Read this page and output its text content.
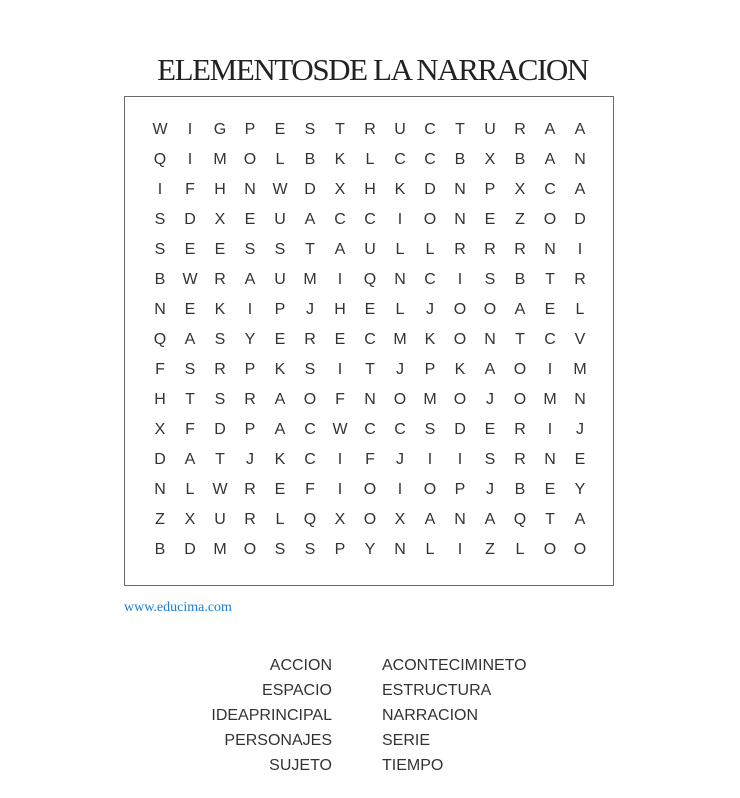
ELEMENTOSDE LA NARRACION
W	I	G	P	E	S	T	R	U	C	T	U	R	A	A
Q	I	M	O	L	B	K	L	C	C	B	X	B	A	N
I	F	H	N	W	D	X	H	K	D	N	P	X	C	A
S	D	X	E	U	A	C	C	I	O	N	E	Z	O	D
S	E	E	S	S	T	A	U	L	L	R	R	R	N	I
B	W	R	A	U	M	I	Q	N	C	I	S	B	T	R
N	E	K	I	P	J	H	E	L	J	O	O	A	E	L
Q	A	S	Y	E	R	E	C	M	K	O	N	T	C	V
F	S	R	P	K	S	I	T	J	P	K	A	O	I	M
H	T	S	R	A	O	F	N	O	M	O	J	O	M	N
X	F	D	P	A	C	W	C	C	S	D	E	R	I	J
D	A	T	J	K	C	I	F	J	I	I	S	R	N	E
N	L	W	R	E	F	I	O	I	O	P	J	B	E	Y
Z	X	U	R	L	Q	X	O	X	A	N	A	Q	T	A
B	D	M	O	S	S	P	Y	N	L	I	Z	L	O	O
www.educima.com
ACCION
ESPACIO
IDEAPRINCIPAL
PERSONAJES
SUJETO
ACONTECIMINETO
ESTRUCTURA
NARRACION
SERIE
TIEMPO
